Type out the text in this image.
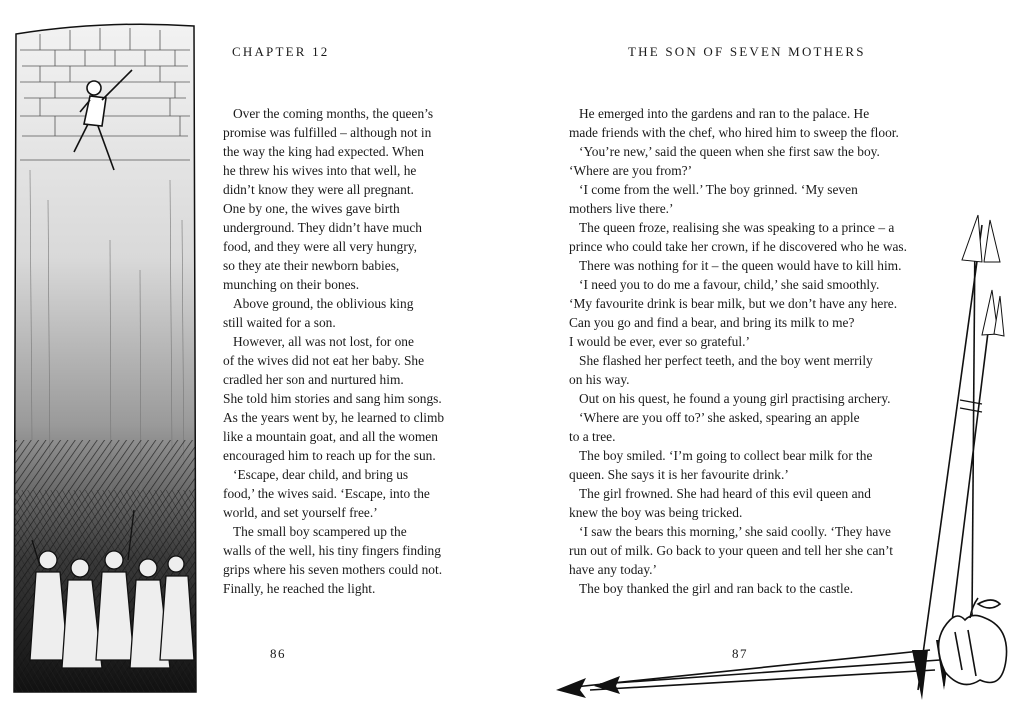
CHAPTER 12	THE SON OF SEVEN MOTHERS
Over the coming months, the queen’s
promise was fulfilled – although not in
the way the king had expected. When
he threw his wives into that well, he
didn’t know they were all pregnant.
One by one, the wives gave birth
underground. They didn’t have much
food, and they were all very hungry,
so they ate their newborn babies,
munching on their bones.
Above ground, the oblivious king
still waited for a son.
However, all was not lost, for one
of the wives did not eat her baby. She
cradled her son and nurtured him.
She told him stories and sang him songs.
As the years went by, he learned to climb
like a mountain goat, and all the women
encouraged him to reach up for the sun.
‘Escape, dear child, and bring us
food,’ the wives said. ‘Escape, into the
world, and set yourself free.’
The small boy scampered up the
walls of the well, his tiny fingers finding
grips where his seven mothers could not.
Finally, he reached the light.
He emerged into the gardens and ran to the palace. He
made friends with the chef, who hired him to sweep the floor.
‘You’re new,’ said the queen when she first saw the boy.
‘Where are you from?’
‘I come from the well.’ The boy grinned. ‘My seven
mothers live there.’
The queen froze, realising she was speaking to a prince – a
prince who could take her crown, if he discovered who he was.
There was nothing for it – the queen would have to kill him.
‘I need you to do me a favour, child,’ she said smoothly.
‘My favourite drink is bear milk, but we don’t have any here.
Can you go and find a bear, and bring its milk to me?
I would be ever, ever so grateful.’
She flashed her perfect teeth, and the boy went merrily
on his way.
Out on his quest, he found a young girl practising archery.
‘Where are you off to?’ she asked, spearing an apple
to a tree.
The boy smiled. ‘I’m going to collect bear milk for the
queen. She says it is her favourite drink.’
The girl frowned. She had heard of this evil queen and
knew the boy was being tricked.
‘I saw the bears this morning,’ she said coolly. ‘They have
run out of milk. Go back to your queen and tell her she can’t
have any today.’
The boy thanked the girl and ran back to the castle.
86	87
